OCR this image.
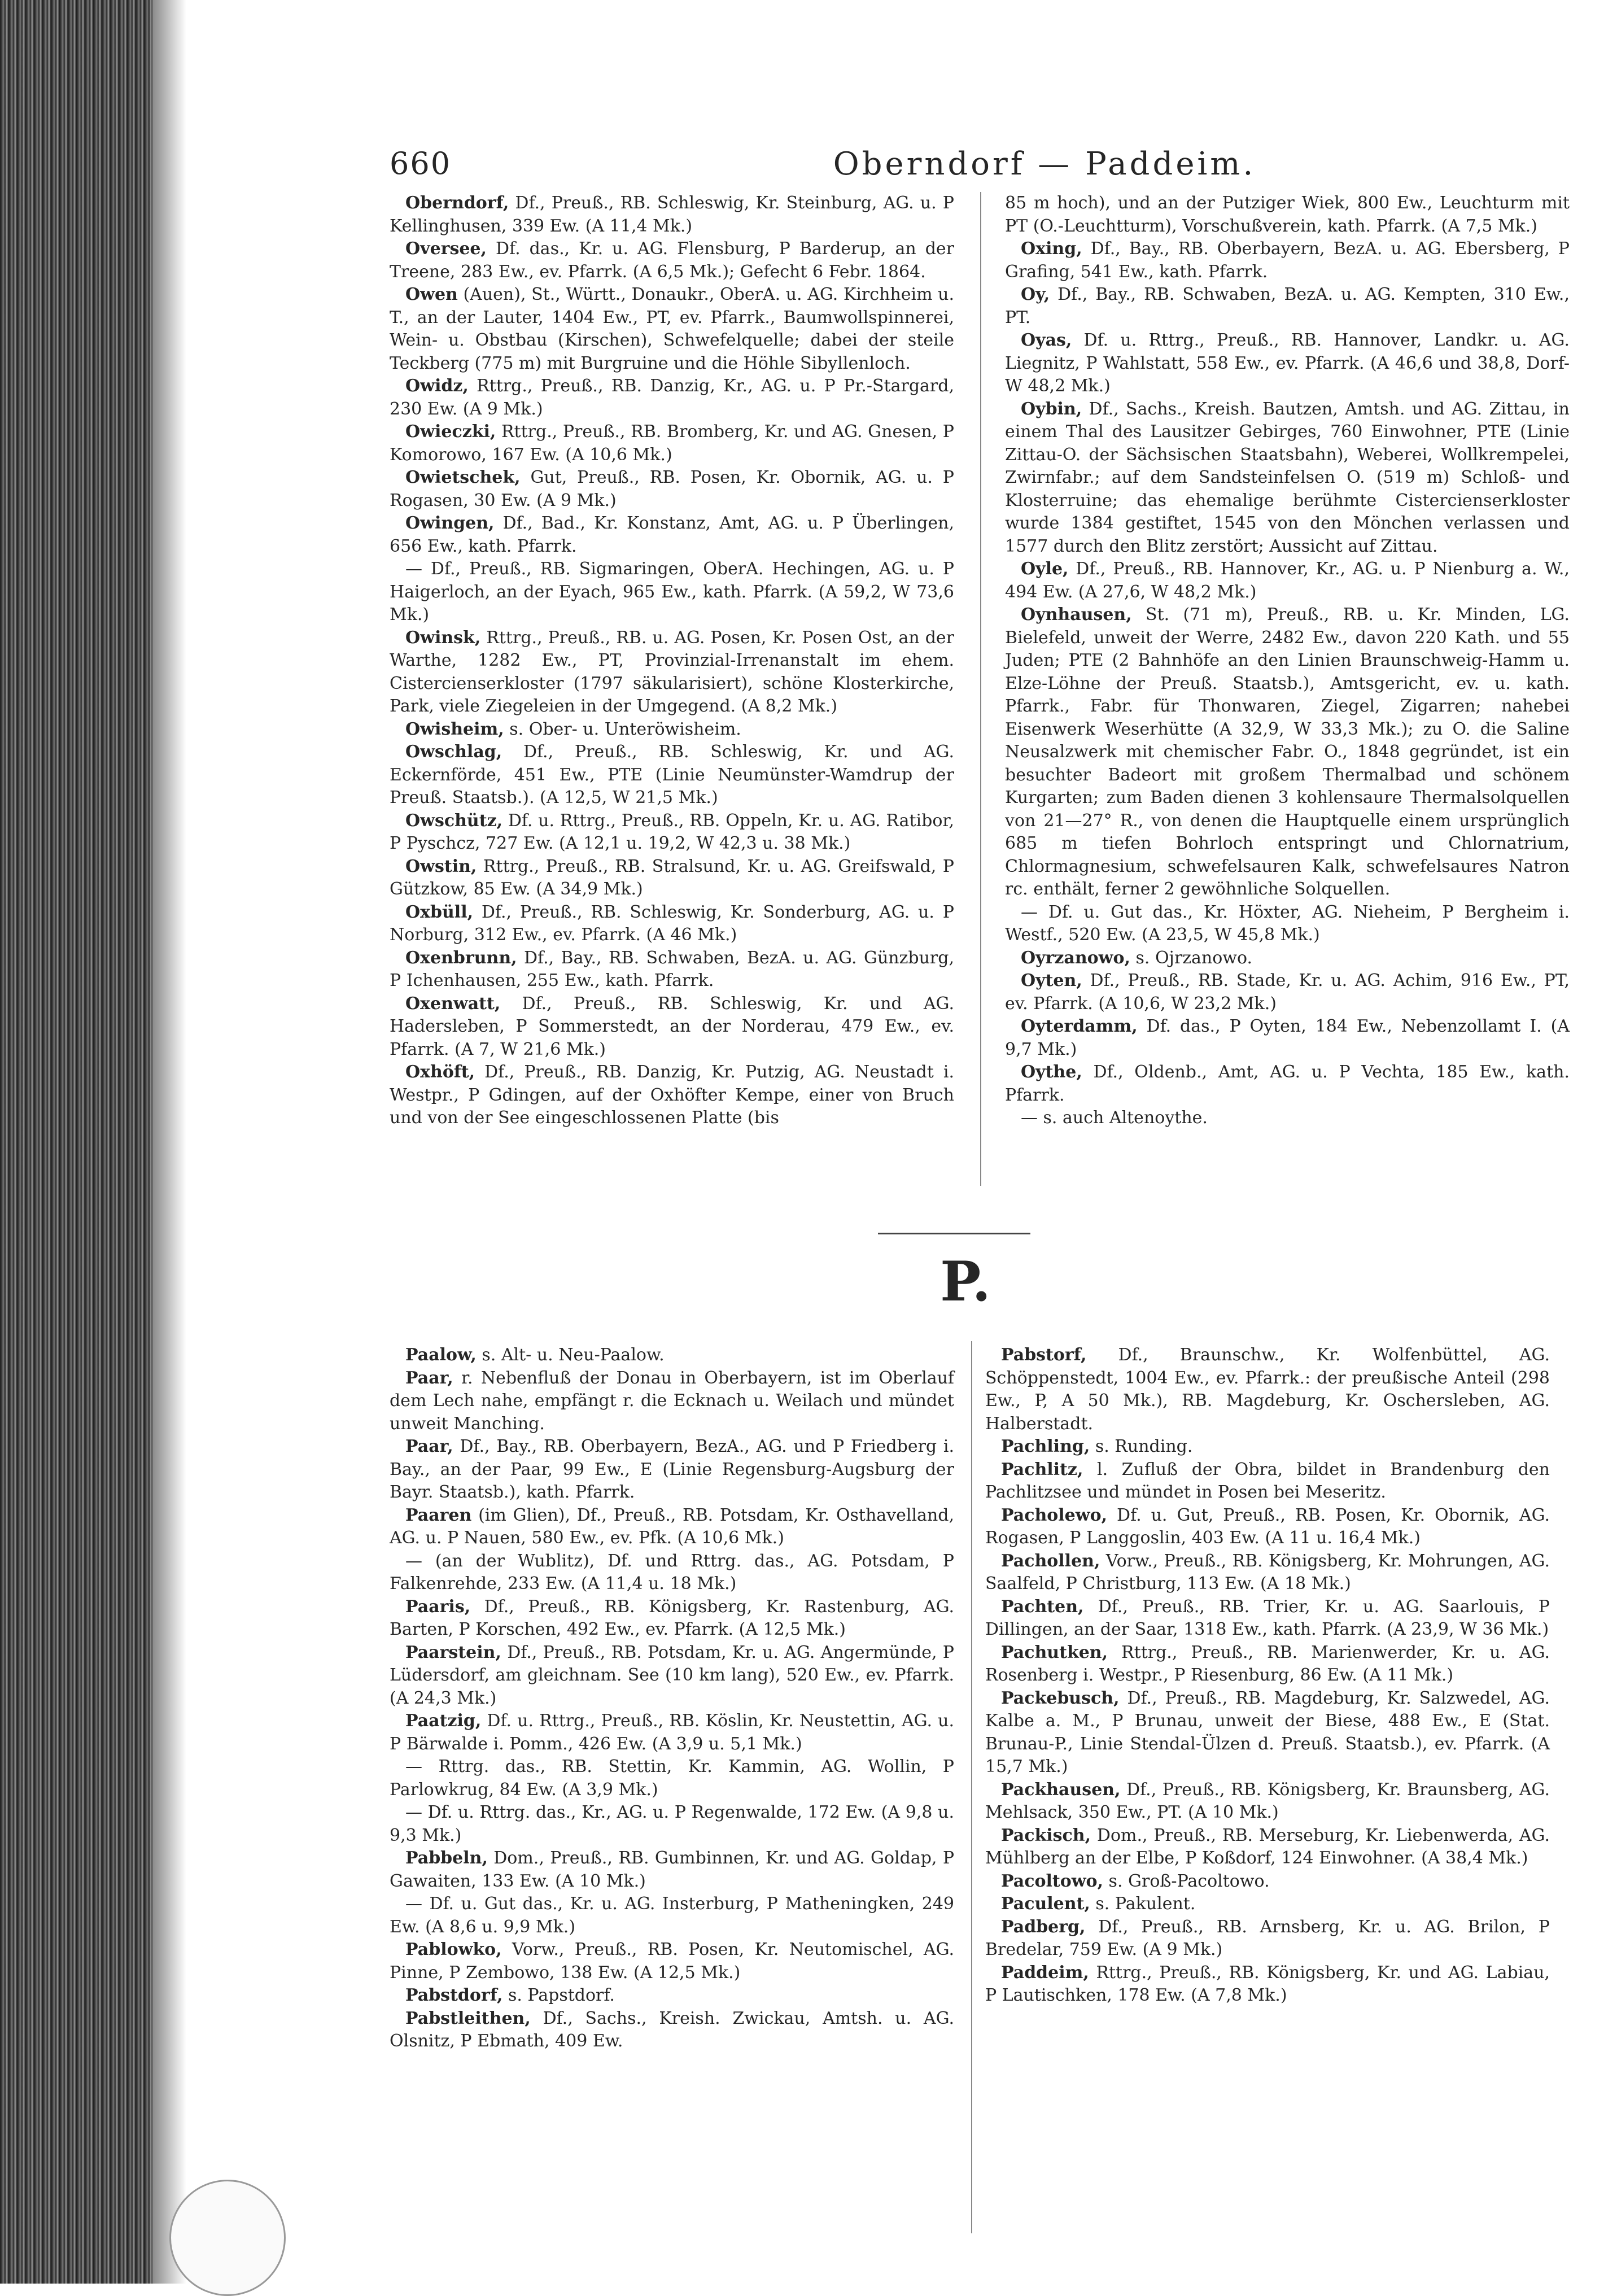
660	Oberndorf — Paddeim.

Oberndorf, Df., Preuß., RB. Schleswig, Kr. Steinburg, AG. u. P Kellinghusen, 339 Ew. (A 11,4 Mk.)

Oversee, Df. das., Kr. u. AG. Flensburg, P Barderup, an der Treene, 283 Ew., ev. Pfarrk. (A 6,5 Mk.); Gefecht 6 Febr. 1864.

Owen (Auen), St., Württ., Donaukr., OberA. u. AG. Kirchheim u. T., an der Lauter, 1404 Ew., PT, ev. Pfarrk., Baumwollspinnerei, Wein- u. Obstbau (Kirschen), Schwefelquelle; dabei der steile Teckberg (775 m) mit Burgruine und die Höhle Sibyllenloch.

Owidz, Rttrg., Preuß., RB. Danzig, Kr., AG. u. P Pr.-Stargard, 230 Ew. (A 9 Mk.)

Owieczki, Rttrg., Preuß., RB. Bromberg, Kr. und AG. Gnesen, P Komorowo, 167 Ew. (A 10,6 Mk.)

Owietschek, Gut, Preuß., RB. Posen, Kr. Obornik, AG. u. P Rogasen, 30 Ew. (A 9 Mk.)

Owingen, Df., Bad., Kr. Konstanz, Amt, AG. u. P Überlingen, 656 Ew., kath. Pfarrk.

— Df., Preuß., RB. Sigmaringen, OberA. Hechingen, AG. u. P Haigerloch, an der Eyach, 965 Ew., kath. Pfarrk. (A 59,2, W 73,6 Mk.)

Owinsk, Rttrg., Preuß., RB. u. AG. Posen, Kr. Posen Ost, an der Warthe, 1282 Ew., PT, Provinzial-Irrenanstalt im ehem. Cistercienserkloster (1797 säkularisiert), schöne Klosterkirche, Park, viele Ziegeleien in der Umgegend. (A 8,2 Mk.)

Owisheim, s. Ober- u. Unteröwisheim.

Owschlag, Df., Preuß., RB. Schleswig, Kr. und AG. Eckernförde, 451 Ew., PTE (Linie Neumünster-Wamdrup der Preuß. Staatsb.). (A 12,5, W 21,5 Mk.)

Owschütz, Df. u. Rttrg., Preuß., RB. Oppeln, Kr. u. AG. Ratibor, P Pyschcz, 727 Ew. (A 12,1 u. 19,2, W 42,3 u. 38 Mk.)

Owstin, Rttrg., Preuß., RB. Stralsund, Kr. u. AG. Greifswald, P Gützkow, 85 Ew. (A 34,9 Mk.)

Oxbüll, Df., Preuß., RB. Schleswig, Kr. Sonderburg, AG. u. P Norburg, 312 Ew., ev. Pfarrk. (A 46 Mk.)

Oxenbrunn, Df., Bay., RB. Schwaben, BezA. u. AG. Günzburg, P Ichenhausen, 255 Ew., kath. Pfarrk.

Oxenwatt, Df., Preuß., RB. Schleswig, Kr. und AG. Hadersleben, P Sommerstedt, an der Norderau, 479 Ew., ev. Pfarrk. (A 7, W 21,6 Mk.)

Oxhöft, Df., Preuß., RB. Danzig, Kr. Putzig, AG. Neustadt i. Westpr., P Gdingen, auf der Oxhöfter Kempe, einer von Bruch und von der See eingeschlossenen Platte (bis

85 m hoch), und an der Putziger Wiek, 800 Ew., Leuchturm mit PT (O.-Leuchtturm), Vorschußverein, kath. Pfarrk. (A 7,5 Mk.)

Oxing, Df., Bay., RB. Oberbayern, BezA. u. AG. Ebersberg, P Grafing, 541 Ew., kath. Pfarrk.

Oy, Df., Bay., RB. Schwaben, BezA. u. AG. Kempten, 310 Ew., PT.

Oyas, Df. u. Rttrg., Preuß., RB. Hannover, Landkr. u. AG. Liegnitz, P Wahlstatt, 558 Ew., ev. Pfarrk. (A 46,6 und 38,8, Dorf-W 48,2 Mk.)

Oybin, Df., Sachs., Kreish. Bautzen, Amtsh. und AG. Zittau, in einem Thal des Lausitzer Gebirges, 760 Einwohner, PTE (Linie Zittau-O. der Sächsischen Staatsbahn), Weberei, Wollkrempelei, Zwirnfabr.; auf dem Sandsteinfelsen O. (519 m) Schloß- und Klosterruine; das ehemalige berühmte Cistercienserkloster wurde 1384 gestiftet, 1545 von den Mönchen verlassen und 1577 durch den Blitz zerstört; Aussicht auf Zittau.

Oyle, Df., Preuß., RB. Hannover, Kr., AG. u. P Nienburg a. W., 494 Ew. (A 27,6, W 48,2 Mk.)

Oynhausen, St. (71 m), Preuß., RB. u. Kr. Minden, LG. Bielefeld, unweit der Werre, 2482 Ew., davon 220 Kath. und 55 Juden; PTE (2 Bahnhöfe an den Linien Braunschweig-Hamm u. Elze-Löhne der Preuß. Staatsb.), Amtsgericht, ev. u. kath. Pfarrk., Fabr. für Thonwaren, Ziegel, Zigarren; nahebei Eisenwerk Weserhütte (A 32,9, W 33,3 Mk.); zu O. die Saline Neusalzwerk mit chemischer Fabr. O., 1848 gegründet, ist ein besuchter Badeort mit großem Thermalbad und schönem Kurgarten; zum Baden dienen 3 kohlensaure Thermalsolquellen von 21—27° R., von denen die Hauptquelle einem ursprünglich 685 m tiefen Bohrloch entspringt und Chlornatrium, Chlormagnesium, schwefelsauren Kalk, schwefelsaures Natron rc. enthält, ferner 2 gewöhnliche Solquellen.

— Df. u. Gut das., Kr. Höxter, AG. Nieheim, P Bergheim i. Westf., 520 Ew. (A 23,5, W 45,8 Mk.)

Oyrzanowo, s. Ojrzanowo.

Oyten, Df., Preuß., RB. Stade, Kr. u. AG. Achim, 916 Ew., PT, ev. Pfarrk. (A 10,6, W 23,2 Mk.)

Oyterdamm, Df. das., P Oyten, 184 Ew., Nebenzollamt I. (A 9,7 Mk.)

Oythe, Df., Oldenb., Amt, AG. u. P Vechta, 185 Ew., kath. Pfarrk.

— s. auch Altenoythe.

P.

Paalow, s. Alt- u. Neu-Paalow.

Paar, r. Nebenfluß der Donau in Oberbayern, ist im Oberlauf dem Lech nahe, empfängt r. die Ecknach u. Weilach und mündet unweit Manching.

Paar, Df., Bay., RB. Oberbayern, BezA., AG. und P Friedberg i. Bay., an der Paar, 99 Ew., E (Linie Regensburg-Augsburg der Bayr. Staatsb.), kath. Pfarrk.

Paaren (im Glien), Df., Preuß., RB. Potsdam, Kr. Osthavelland, AG. u. P Nauen, 580 Ew., ev. Pfk. (A 10,6 Mk.)

— (an der Wublitz), Df. und Rttrg. das., AG. Potsdam, P Falkenrehde, 233 Ew. (A 11,4 u. 18 Mk.)

Paaris, Df., Preuß., RB. Königsberg, Kr. Rastenburg, AG. Barten, P Korschen, 492 Ew., ev. Pfarrk. (A 12,5 Mk.)

Paarstein, Df., Preuß., RB. Potsdam, Kr. u. AG. Angermünde, P Lüdersdorf, am gleichnam. See (10 km lang), 520 Ew., ev. Pfarrk. (A 24,3 Mk.)

Paatzig, Df. u. Rttrg., Preuß., RB. Köslin, Kr. Neustettin, AG. u. P Bärwalde i. Pomm., 426 Ew. (A 3,9 u. 5,1 Mk.)

— Rttrg. das., RB. Stettin, Kr. Kammin, AG. Wollin, P Parlowkrug, 84 Ew. (A 3,9 Mk.)

— Df. u. Rttrg. das., Kr., AG. u. P Regenwalde, 172 Ew. (A 9,8 u. 9,3 Mk.)

Pabbeln, Dom., Preuß., RB. Gumbinnen, Kr. und AG. Goldap, P Gawaiten, 133 Ew. (A 10 Mk.)

— Df. u. Gut das., Kr. u. AG. Insterburg, P Matheningken, 249 Ew. (A 8,6 u. 9,9 Mk.)

Pablowko, Vorw., Preuß., RB. Posen, Kr. Neutomischel, AG. Pinne, P Zembowo, 138 Ew. (A 12,5 Mk.)

Pabstdorf, s. Papstdorf.

Pabstleithen, Df., Sachs., Kreish. Zwickau, Amtsh. u. AG. Olsnitz, P Ebmath, 409 Ew.

Pabstorf, Df., Braunschw., Kr. Wolfenbüttel, AG. Schöppenstedt, 1004 Ew., ev. Pfarrk.: der preußische Anteil (298 Ew., P, A 50 Mk.), RB. Magdeburg, Kr. Oschersleben, AG. Halberstadt.

Pachling, s. Runding.

Pachlitz, l. Zufluß der Obra, bildet in Brandenburg den Pachlitzsee und mündet in Posen bei Meseritz.

Pacholewo, Df. u. Gut, Preuß., RB. Posen, Kr. Obornik, AG. Rogasen, P Langgoslin, 403 Ew. (A 11 u. 16,4 Mk.)

Pachollen, Vorw., Preuß., RB. Königsberg, Kr. Mohrungen, AG. Saalfeld, P Christburg, 113 Ew. (A 18 Mk.)

Pachten, Df., Preuß., RB. Trier, Kr. u. AG. Saarlouis, P Dillingen, an der Saar, 1318 Ew., kath. Pfarrk. (A 23,9, W 36 Mk.)

Pachutken, Rttrg., Preuß., RB. Marienwerder, Kr. u. AG. Rosenberg i. Westpr., P Riesenburg, 86 Ew. (A 11 Mk.)

Packebusch, Df., Preuß., RB. Magdeburg, Kr. Salzwedel, AG. Kalbe a. M., P Brunau, unweit der Biese, 488 Ew., E (Stat. Brunau-P., Linie Stendal-Ülzen d. Preuß. Staatsb.), ev. Pfarrk. (A 15,7 Mk.)

Packhausen, Df., Preuß., RB. Königsberg, Kr. Braunsberg, AG. Mehlsack, 350 Ew., PT. (A 10 Mk.)

Packisch, Dom., Preuß., RB. Merseburg, Kr. Liebenwerda, AG. Mühlberg an der Elbe, P Koßdorf, 124 Einwohner. (A 38,4 Mk.)

Pacoltowo, s. Groß-Pacoltowo.

Paculent, s. Pakulent.

Padberg, Df., Preuß., RB. Arnsberg, Kr. u. AG. Brilon, P Bredelar, 759 Ew. (A 9 Mk.)

Paddeim, Rttrg., Preuß., RB. Königsberg, Kr. und AG. Labiau, P Lautischken, 178 Ew. (A 7,8 Mk.)
